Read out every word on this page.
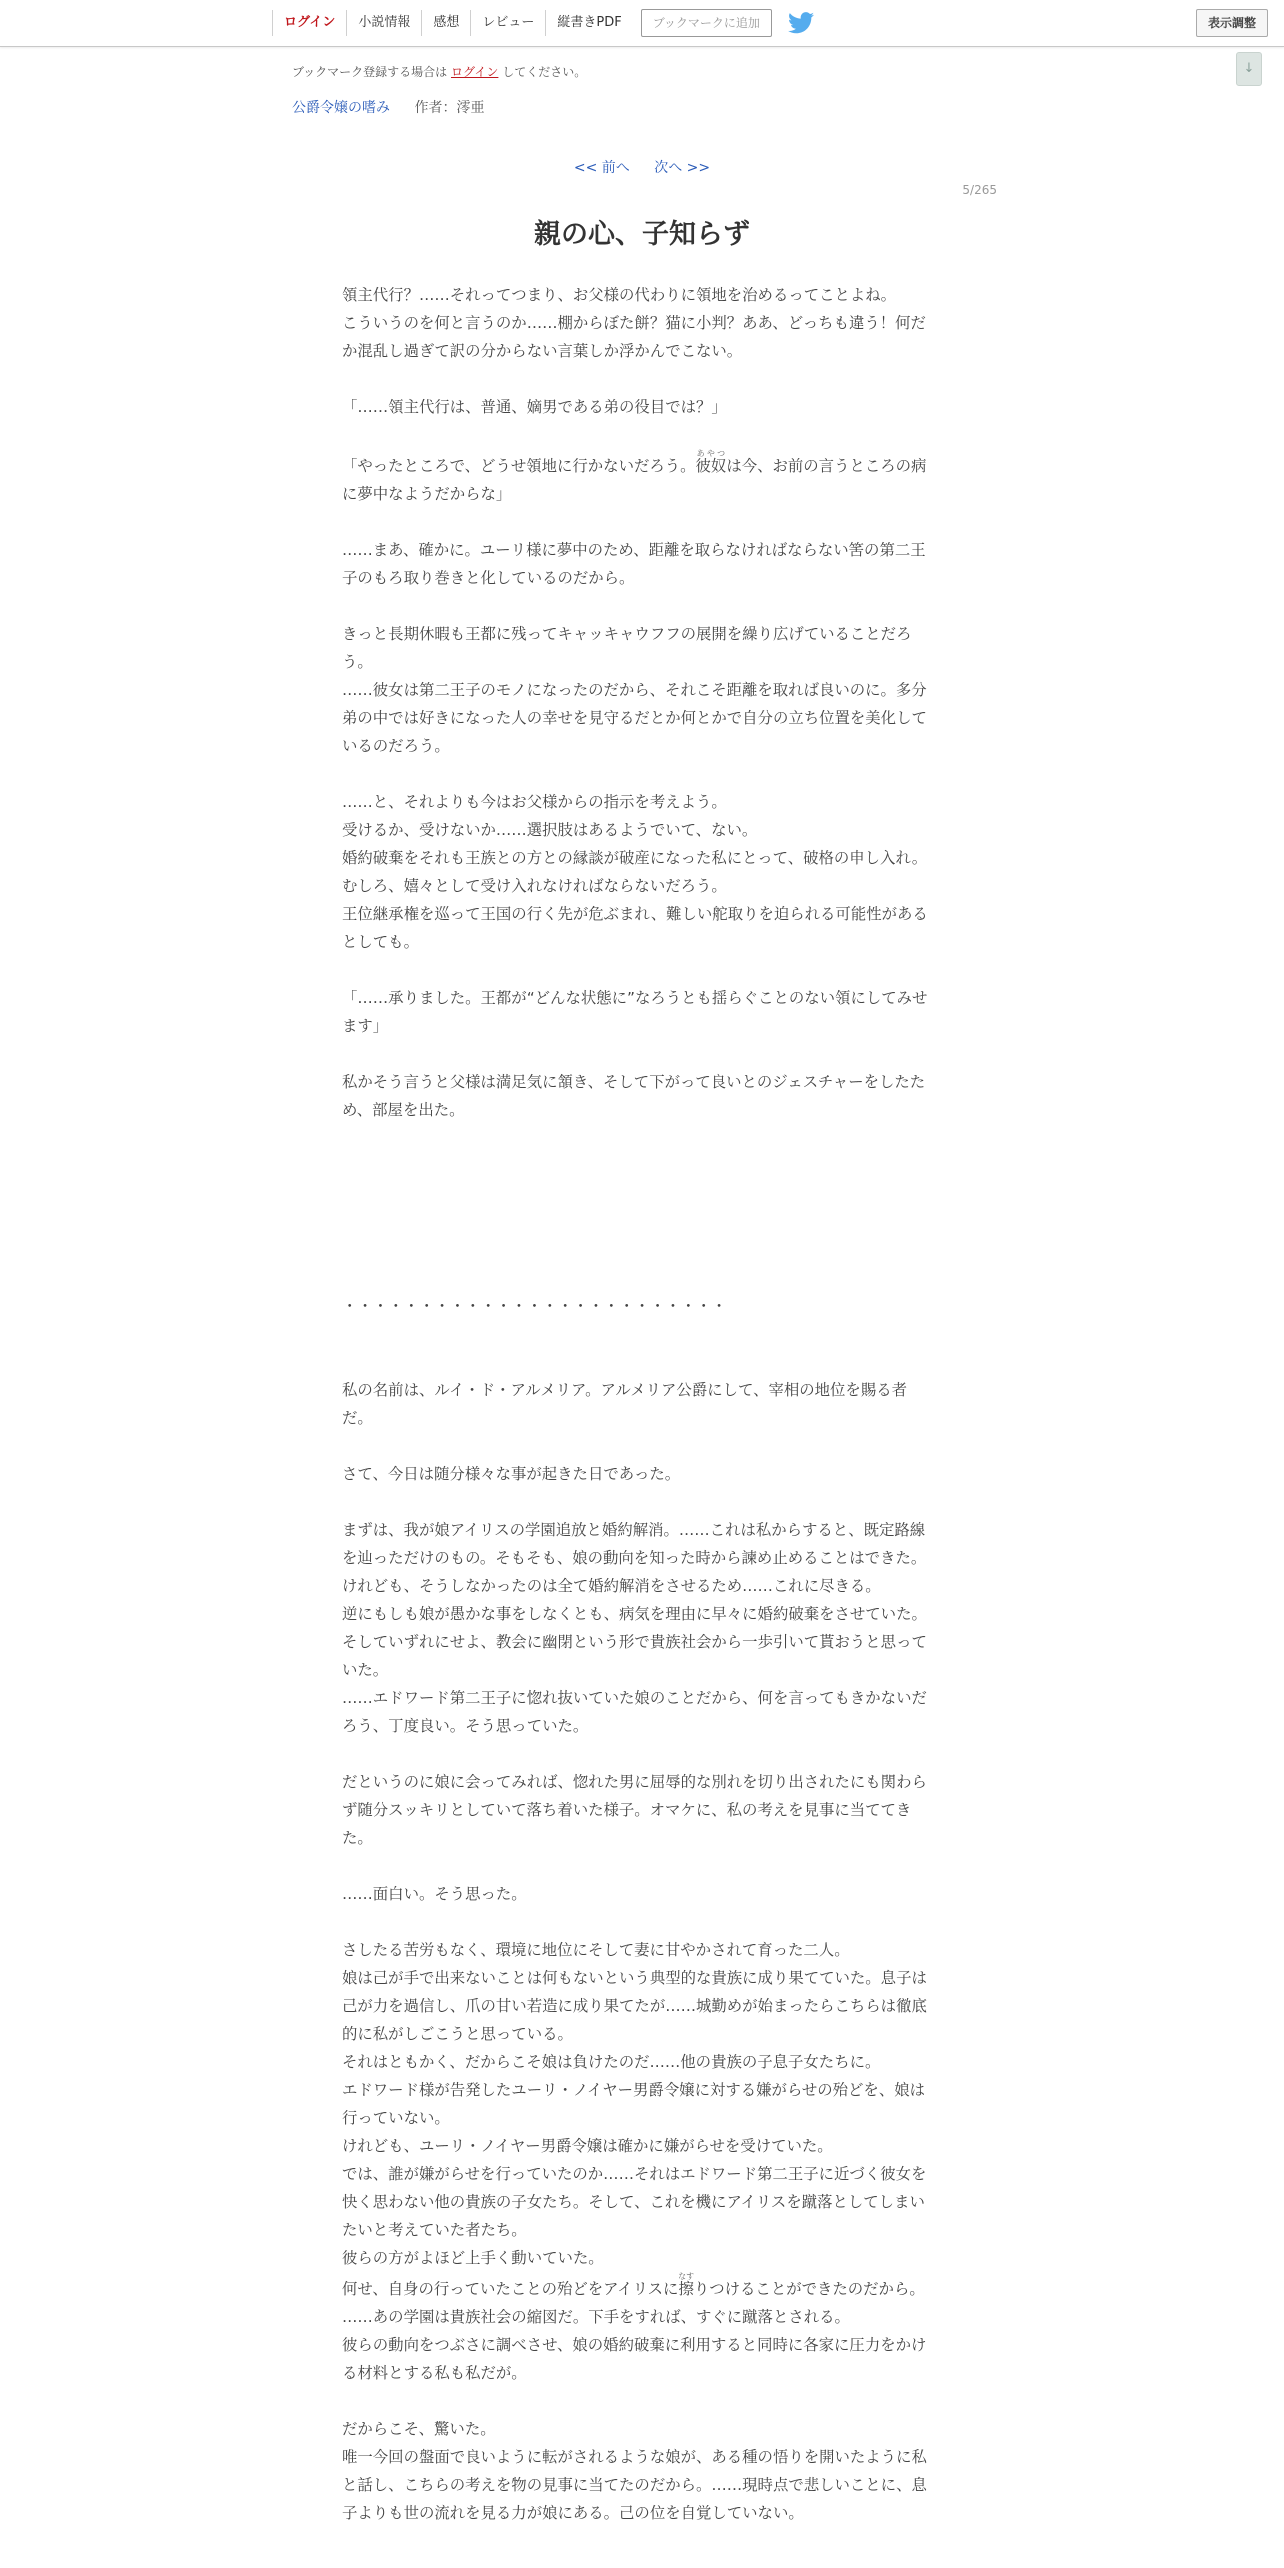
ログイン	小説情報	感想	レビュー	縦書きPDF	ブックマークに追加	表示調整
↓
ブックマーク登録する場合は ログイン してください。
公爵令嬢の嗜み 作者：澪亜
<< 前へ 次へ >>
5/265
親の心、子知らず

領主代行？……それってつまり、お父様の代わりに領地を治めるってことよね。

こういうのを何と言うのか……棚からぼた餅？猫に小判？ああ、どっちも違う！何だか混乱し過ぎて訳の分からない言葉しか浮かんでこない。

「……領主代行は、普通、嫡男である弟の役目では？」

「やったところで、どうせ領地に行かないだろう。彼奴あやつは今、お前の言うところの病に夢中なようだからな」

……まあ、確かに。ユーリ様に夢中のため、距離を取らなければならない筈の第二王子のもろ取り巻きと化しているのだから。

きっと長期休暇も王都に残ってキャッキャウフフの展開を繰り広げていることだろう。

……彼女は第二王子のモノになったのだから、それこそ距離を取れば良いのに。多分弟の中では好きになった人の幸せを見守るだとか何とかで自分の立ち位置を美化しているのだろう。

……と、それよりも今はお父様からの指示を考えよう。

受けるか、受けないか……選択肢はあるようでいて、ない。

婚約破棄をそれも王族との方との縁談が破産になった私にとって、破格の申し入れ。

むしろ、嬉々として受け入れなければならないだろう。

王位継承権を巡って王国の行く先が危ぶまれ、難しい舵取りを迫られる可能性があるとしても。

「……承りました。王都が“どんな状態に”なろうとも揺らぐことのない領にしてみせます」

私かそう言うと父様は満足気に頷き、そして下がって良いとのジェスチャーをしたため、部屋を出た。

・・・・・・・・・・・・・・・・・・・・・・・・・

私の名前は、ルイ・ド・アルメリア。アルメリア公爵にして、宰相の地位を賜る者だ。

さて、今日は随分様々な事が起きた日であった。

まずは、我が娘アイリスの学園追放と婚約解消。……これは私からすると、既定路線を辿っただけのもの。そもそも、娘の動向を知った時から諫め止めることはできた。けれども、そうしなかったのは全て婚約解消をさせるため……これに尽きる。

逆にもしも娘が愚かな事をしなくとも、病気を理由に早々に婚約破棄をさせていた。そしていずれにせよ、教会に幽閉という形で貴族社会から一歩引いて貰おうと思っていた。

……エドワード第二王子に惚れ抜いていた娘のことだから、何を言ってもきかないだろう、丁度良い。そう思っていた。

だというのに娘に会ってみれば、惚れた男に屈辱的な別れを切り出されたにも関わらず随分スッキリとしていて落ち着いた様子。オマケに、私の考えを見事に当ててきた。

……面白い。そう思った。

さしたる苦労もなく、環境に地位にそして妻に甘やかされて育った二人。

娘は己が手で出来ないことは何もないという典型的な貴族に成り果てていた。息子は己が力を過信し、爪の甘い若造に成り果てたが……城勤めが始まったらこちらは徹底的に私がしごこうと思っている。

それはともかく、だからこそ娘は負けたのだ……他の貴族の子息子女たちに。

エドワード様が告発したユーリ・ノイヤー男爵令嬢に対する嫌がらせの殆どを、娘は行っていない。

けれども、ユーリ・ノイヤー男爵令嬢は確かに嫌がらせを受けていた。

では、誰が嫌がらせを行っていたのか……それはエドワード第二王子に近づく彼女を快く思わない他の貴族の子女たち。そして、これを機にアイリスを蹴落としてしまいたいと考えていた者たち。

彼らの方がよほど上手く動いていた。

何せ、自身の行っていたことの殆どをアイリスに擦なすりつけることができたのだから。

……あの学園は貴族社会の縮図だ。下手をすれば、すぐに蹴落とされる。

彼らの動向をつぶさに調べさせ、娘の婚約破棄に利用すると同時に各家に圧力をかける材料とする私も私だが。

だからこそ、驚いた。

唯一今回の盤面で良いように転がされるような娘が、ある種の悟りを開いたように私と話し、こちらの考えを物の見事に当てたのだから。……現時点で悲しいことに、息子よりも世の流れを見る力が娘にある。己の位を自覚していない。
